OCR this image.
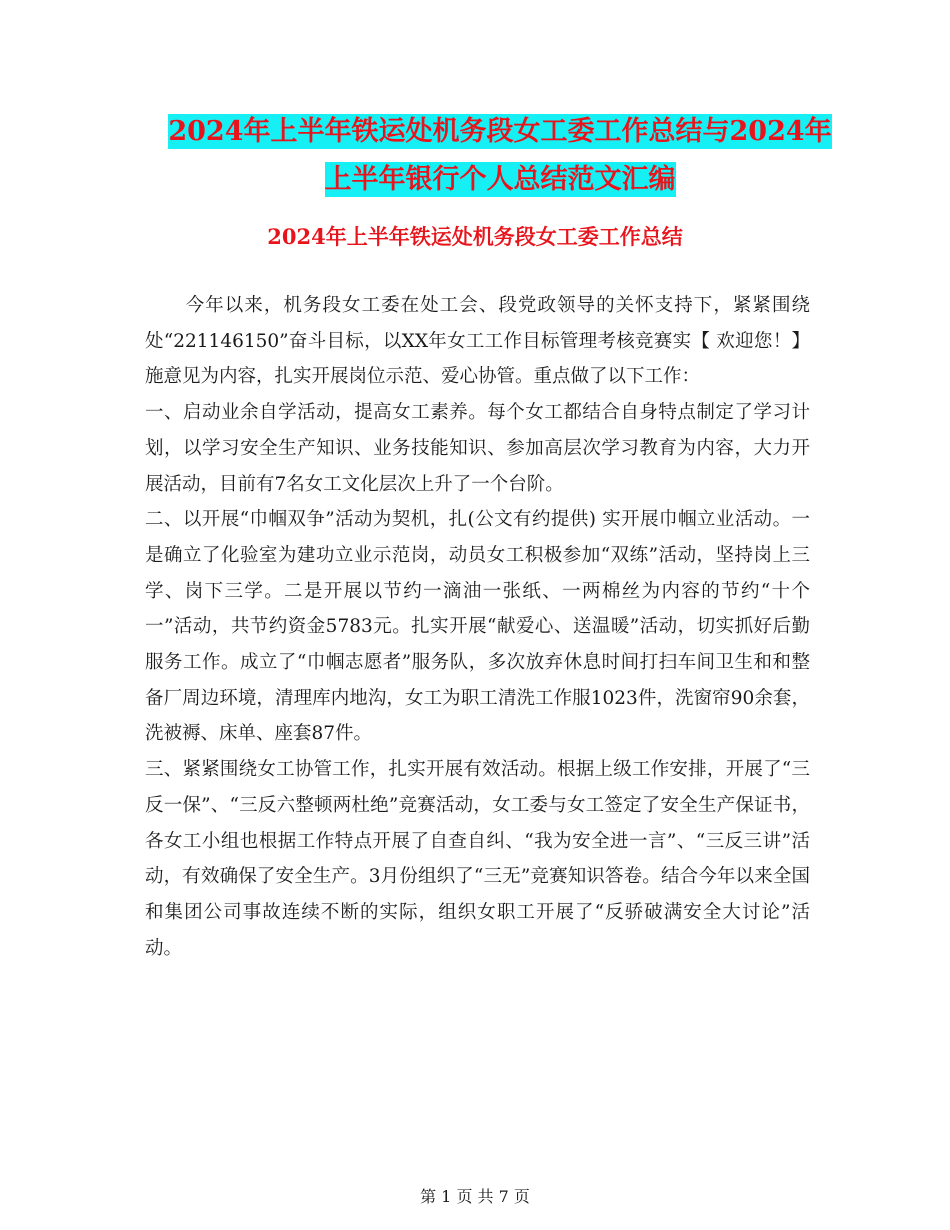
2024年上半年铁运处机务段女工委工作总结与2024年
上半年银行个人总结范文汇编
2024年上半年铁运处机务段女工委工作总结

今年以来，机务段女工委在处工会、段党政领导的关怀支持下，紧紧围绕处“221146150”奋斗目标，以XX年女工工作目标管理考核竞赛实【 欢迎您！】施意见为内容，扎实开展岗位示范、爱心协管。重点做了以下工作：

一、启动业余自学活动，提高女工素养。每个女工都结合自身特点制定了学习计划，以学习安全生产知识、业务技能知识、参加高层次学习教育为内容，大力开展活动，目前有7名女工文化层次上升了一个台阶。

二、以开展“巾帼双争”活动为契机，扎(公文有约提供) 实开展巾帼立业活动。一是确立了化验室为建功立业示范岗，动员女工积极参加“双练”活动，坚持岗上三学、岗下三学。二是开展以节约一滴油一张纸、一两棉丝为内容的节约“十个一”活动，共节约资金5783元。扎实开展“献爱心、送温暖”活动，切实抓好后勤服务工作。成立了“巾帼志愿者”服务队，多次放弃休息时间打扫车间卫生和和整备厂周边环境，清理库内地沟，女工为职工清洗工作服1023件，洗窗帘90余套，洗被褥、床单、座套87件。

三、紧紧围绕女工协管工作，扎实开展有效活动。根据上级工作安排，开展了“三反一保”、“三反六整顿两杜绝”竞赛活动，女工委与女工签定了安全生产保证书，各女工小组也根据工作特点开展了自查自纠、“我为安全进一言”、“三反三讲”活动，有效确保了安全生产。3月份组织了“三无”竞赛知识答卷。结合今年以来全国和集团公司事故连续不断的实际，组织女职工开展了“反骄破满安全大讨论”活动。

第 1 页 共 7 页
